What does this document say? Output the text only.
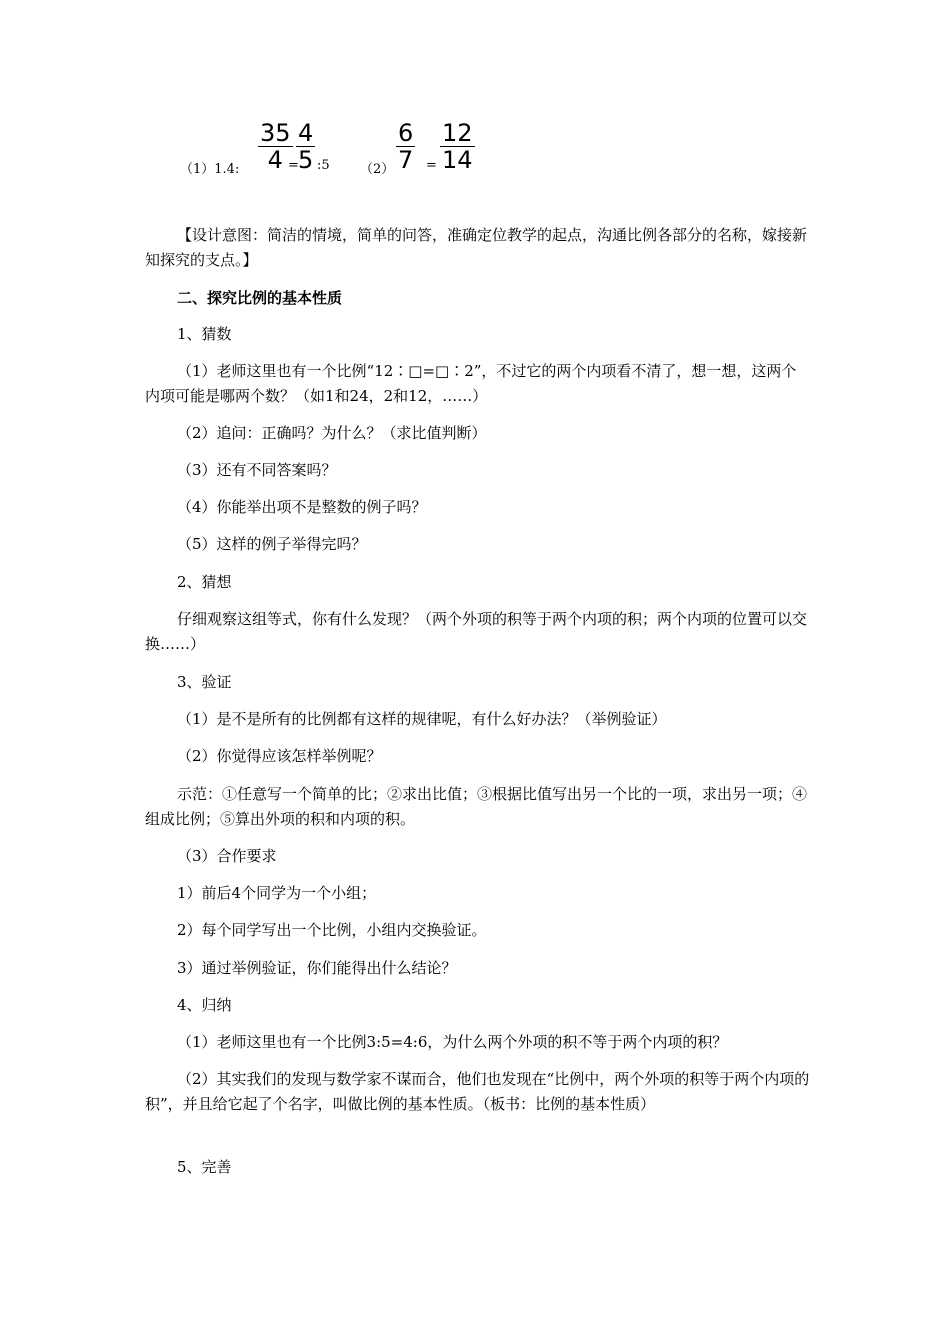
（1）1.4: $\frac{35}{4}$
=
$\frac{4}{5}$ :5 $(2) \frac{6}{7} = \frac{12}{14}$

【设计意图：简洁的情境，简单的问答，准确定位教学的起点，沟通比例各部分的名称，嫁接新知探究的支点。】

二、探究比例的基本性质

1、猜数

（1）老师这里也有一个比例“12∶□=□∶2”，不过它的两个内项看不清了，想一想，这两个内项可能是哪两个数？（如1和24，2和12，……）

（2）追问：正确吗？为什么？（求比值判断）

（3）还有不同答案吗？

（4）你能举出项不是整数的例子吗？

（5）这样的例子举得完吗？

2、猜想

仔细观察这组等式，你有什么发现？（两个外项的积等于两个内项的积；两个内项的位置可以交换……）

3、验证

（1）是不是所有的比例都有这样的规律呢，有什么好办法？（举例验证）

（2）你觉得应该怎样举例呢？

示范：①任意写一个简单的比；②求出比值；③根据比值写出另一个比的一项，求出另一项；④组成比例；⑤算出外项的积和内项的积。

（3）合作要求

1）前后4个同学为一个小组；

2）每个同学写出一个比例，小组内交换验证。

3）通过举例验证，你们能得出什么结论？

4、归纳

（1）老师这里也有一个比例3:5=4:6，为什么两个外项的积不等于两个内项的积？

（2）其实我们的发现与数学家不谋而合，他们也发现在“比例中，两个外项的积等于两个内项的积”，并且给它起了个名字，叫做比例的基本性质。（板书：比例的基本性质）

5、完善
